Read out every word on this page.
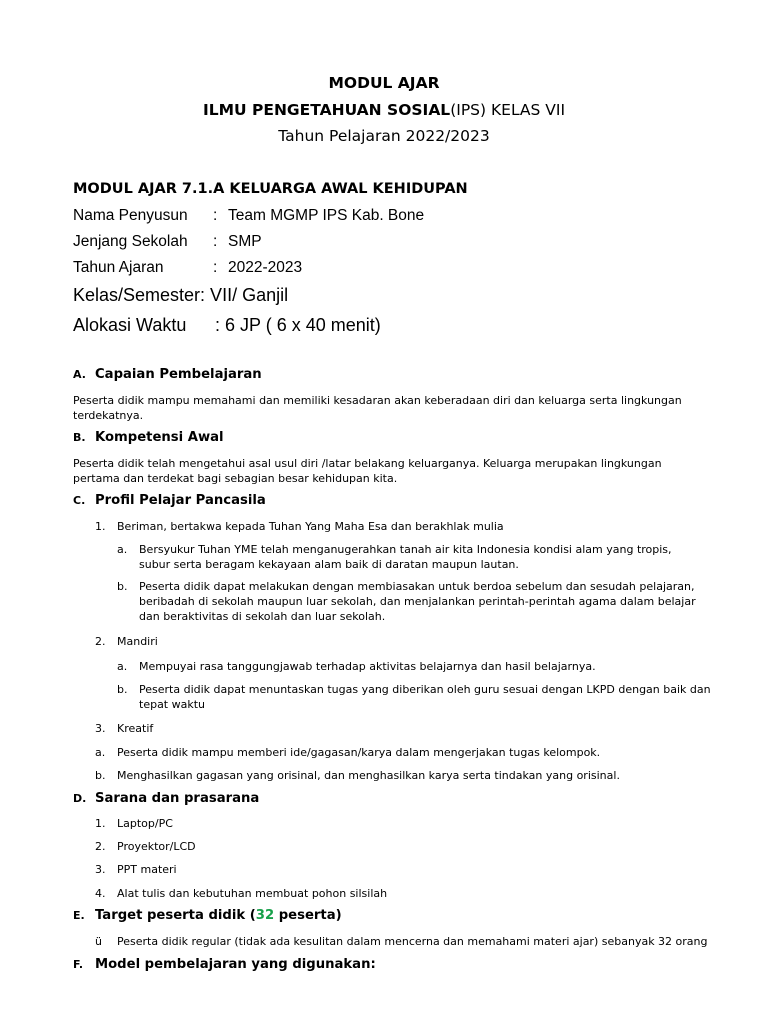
MODUL AJAR
ILMU PENGETAHUAN SOSIAL(IPS) KELAS VII
Tahun Pelajaran 2022/2023
MODUL AJAR 7.1.A KELUARGA AWAL KEHIDUPAN
Nama Penyusun : Team MGMP IPS Kab. Bone
Jenjang Sekolah : SMP
Tahun Ajaran	: 2022-2023
Kelas/Semester: VII/ Ganjil
Alokasi Waktu : 6 JP ( 6 x 40 menit)
A. Capaian Pembelajaran
Peserta didik mampu memahami dan memiliki kesadaran akan keberadaan diri dan keluarga serta lingkungan
terdekatnya.
B. Kompetensi Awal
Peserta didik telah mengetahui asal usul diri /latar belakang keluarganya. Keluarga merupakan lingkungan
pertama dan terdekat bagi sebagian besar kehidupan kita.
C. Profil Pelajar Pancasila
1. Beriman, bertakwa kepada Tuhan Yang Maha Esa dan berakhlak mulia
a. Bersyukur Tuhan YME telah menganugerahkan tanah air kita Indonesia kondisi alam yang tropis,
subur serta beragam kekayaan alam baik di daratan maupun lautan.
b. Peserta didik dapat melakukan dengan membiasakan untuk berdoa sebelum dan sesudah pelajaran,
beribadah di sekolah maupun luar sekolah, dan menjalankan perintah-perintah agama dalam belajar
dan beraktivitas di sekolah dan luar sekolah.
2. Mandiri
a. Mempuyai rasa tanggungjawab terhadap aktivitas belajarnya dan hasil belajarnya.
b. Peserta didik dapat menuntaskan tugas yang diberikan oleh guru sesuai dengan LKPD dengan baik dan
tepat waktu
3. Kreatif
a. Peserta didik mampu memberi ide/gagasan/karya dalam mengerjakan tugas kelompok.
b. Menghasilkan gagasan yang orisinal, dan menghasilkan karya serta tindakan yang orisinal.
D. Sarana dan prasarana
1. Laptop/PC
2. Proyektor/LCD
3. PPT materi
4. Alat tulis dan kebutuhan membuat pohon silsilah
E. Target peserta didik (32 peserta)
ü Peserta didik regular (tidak ada kesulitan dalam mencerna dan memahami materi ajar) sebanyak 32 orang
F. Model pembelajaran yang digunakan:
